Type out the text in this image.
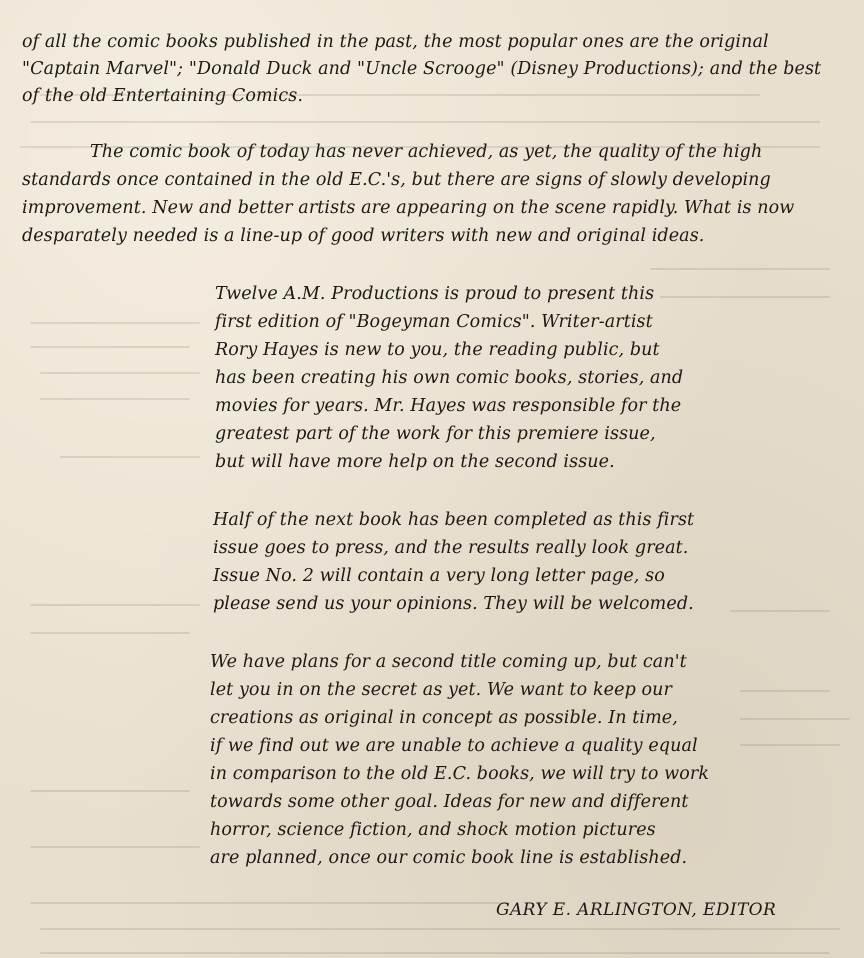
of all the comic books published in the past, the most popular ones are the original
"Captain Marvel"; "Donald Duck and "Uncle Scrooge" (Disney Productions); and the best
of the old Entertaining Comics.
The comic book of today has never achieved, as yet, the quality of the high
standards once contained in the old E.C.'s, but there are signs of slowly developing
improvement. New and better artists are appearing on the scene rapidly. What is now
desparately needed is a line-up of good writers with new and original ideas.
Twelve A.M. Productions is proud to present this
first edition of "Bogeyman Comics". Writer-artist
Rory Hayes is new to you, the reading public, but
has been creating his own comic books, stories, and
movies for years. Mr. Hayes was responsible for the
greatest part of the work for this premiere issue,
but will have more help on the second issue.
Half of the next book has been completed as this first
issue goes to press, and the results really look great.
Issue No. 2 will contain a very long letter page, so
please send us your opinions. They will be welcomed.
We have plans for a second title coming up, but can't
let you in on the secret as yet. We want to keep our
creations as original in concept as possible. In time,
if we find out we are unable to achieve a quality equal
in comparison to the old E.C. books, we will try to work
towards some other goal. Ideas for new and different
horror, science fiction, and shock motion pictures
are planned, once our comic book line is established.
GARY E. ARLINGTON, EDITOR
